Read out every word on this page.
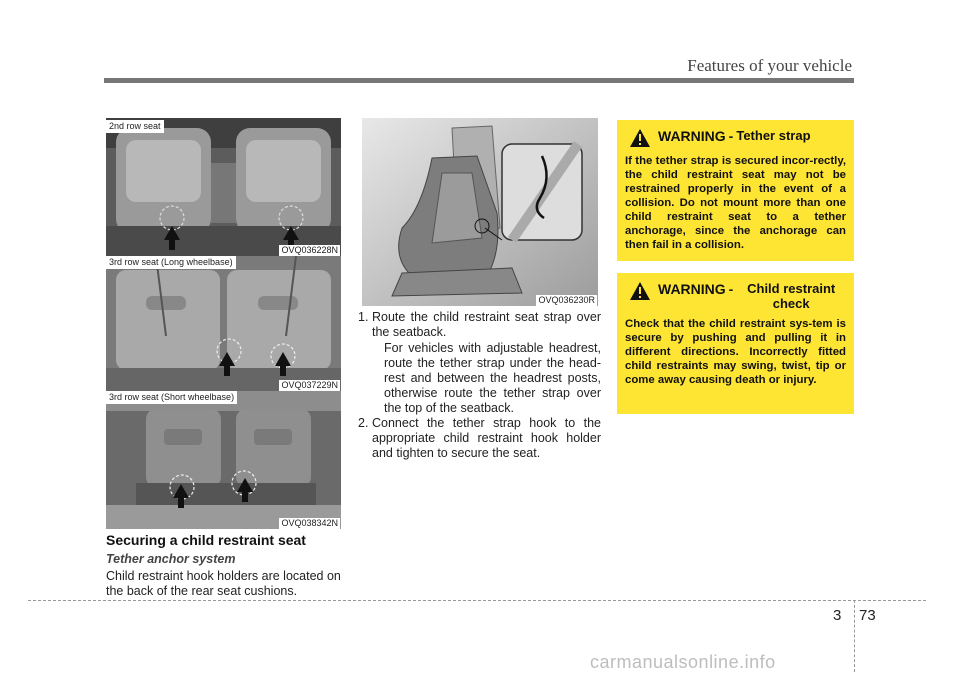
Features of your vehicle
2nd row seat
OVQ036228N
3rd row seat (Long wheelbase)
OVQ037229N
3rd row seat (Short wheelbase)
OVQ038342N
OVQ036230R
Securing a child restraint seat
Tether anchor system
Child restraint hook holders are located on the back of the rear seat cushions.
1. Route the child restraint seat strap over the seatback.
For vehicles with adjustable headrest, route the tether strap under the head-rest and between the headrest posts, otherwise route the tether strap over the top of the seatback.
2. Connect the tether strap hook to the appropriate child restraint hook holder and tighten to secure the seat.
WARNING - Tether strap
If the tether strap is secured incor-rectly, the child restraint seat may not be restrained properly in the event of a collision. Do not mount more than one child restraint seat to a tether anchorage, since the anchorage can then fail in a collision.
WARNING -	Child restraint check
Check that the child restraint sys-tem is secure by pushing and pulling it in different directions. Incorrectly fitted child restraints may swing, twist, tip or come away causing death or injury.
3 73
carmanualsonline.info
